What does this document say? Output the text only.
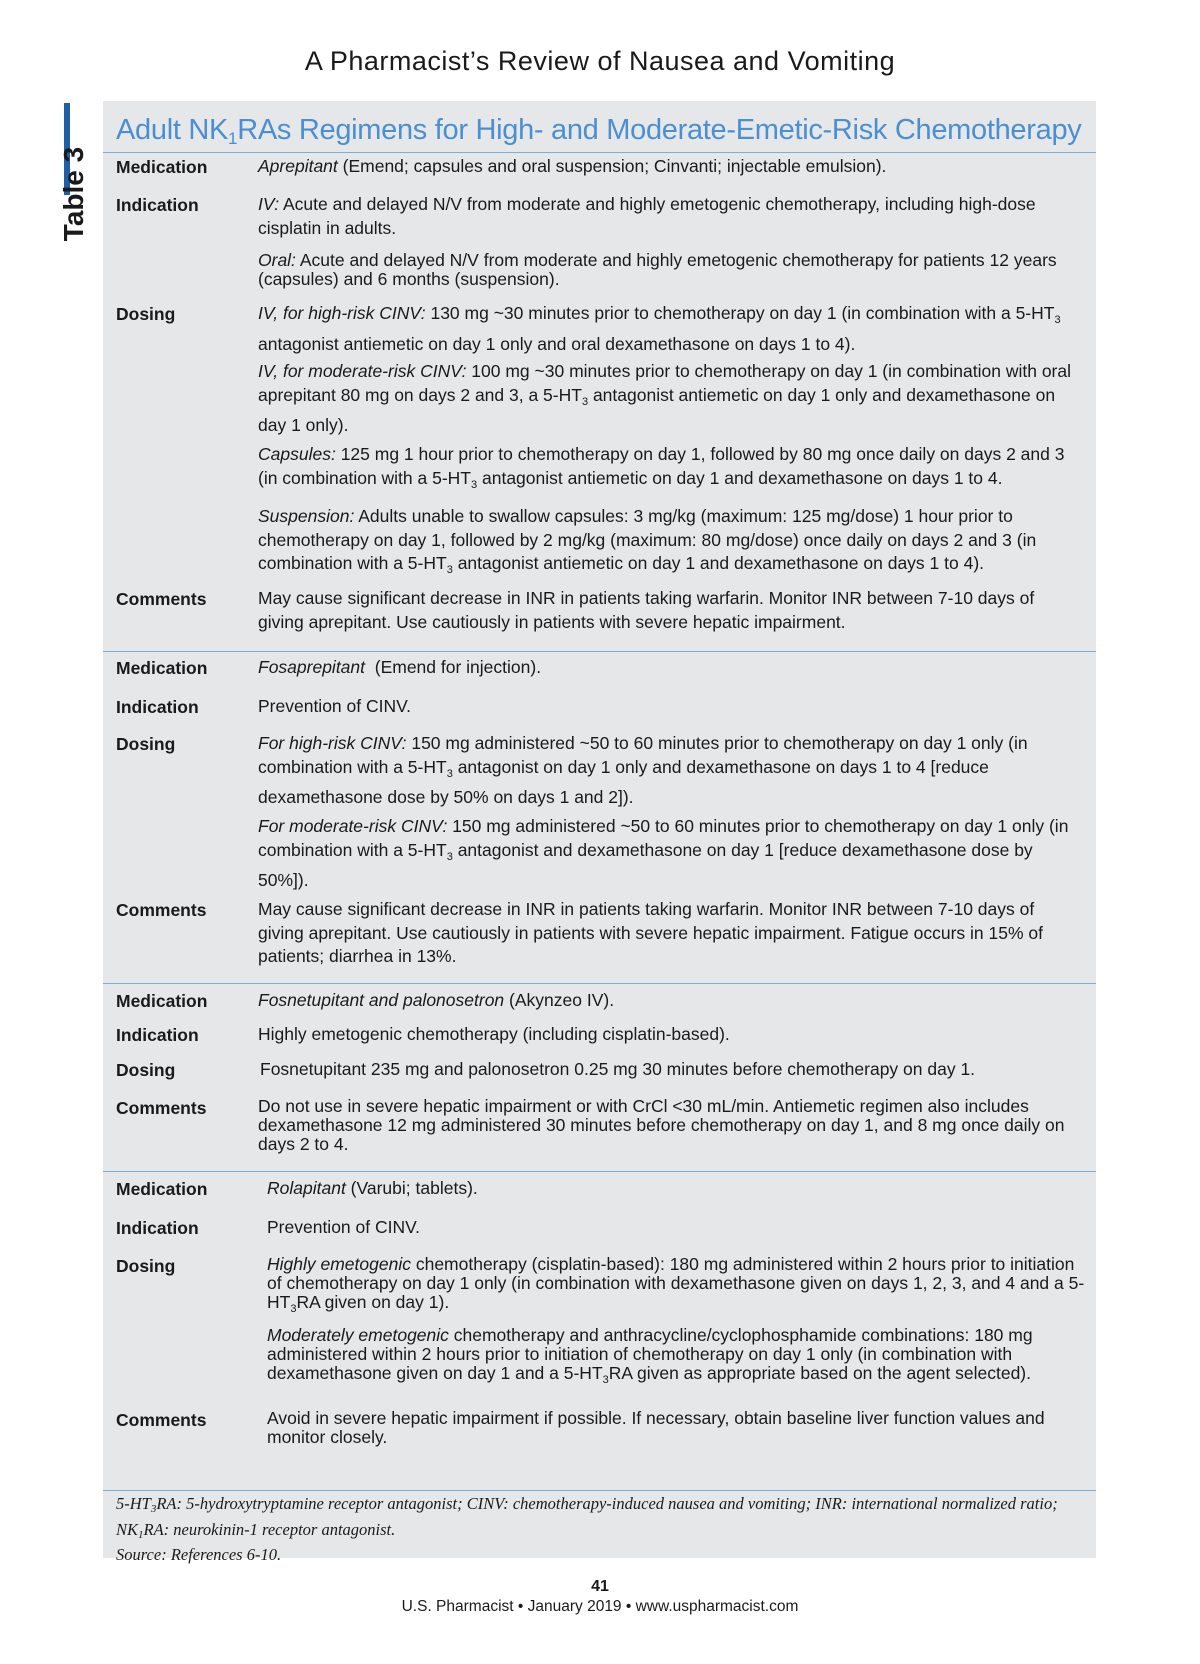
A Pharmacist’s Review of Nausea and Vomiting
Table 3
Adult $NK_1RAs$ Regimens for High- and Moderate-Emetic-Risk Chemotherapy
Medication	Aprepitant (Emend; capsules and oral suspension; Cinvanti; injectable emulsion).
Indication	IV: Acute and delayed N/V from moderate and highly emetogenic chemotherapy, including high-dose cisplatin in adults.
Oral: Acute and delayed N/V from moderate and highly emetogenic chemotherapy for patients 12 years (capsules) and 6 months (suspension).
Dosing	IV, for high-risk CINV: 130 mg ~30 minutes prior to chemotherapy on day 1 (in combination with a $5-HT_3$ antagonist antiemetic on day 1 only and oral dexamethasone on days 1 to 4).
IV, for moderate-risk CINV: 100 mg ~30 minutes prior to chemotherapy on day 1 (in combination with oral aprepitant 80 mg on days 2 and 3, a $5-HT_3$ antagonist antiemetic on day 1 only and dexamethasone on day 1 only).
Capsules: 125 mg 1 hour prior to chemotherapy on day 1, followed by 80 mg once daily on days 2 and 3 (in combination with a $5-HT_3$ antagonist antiemetic on day 1 and dexamethasone on days 1 to 4.
Suspension: Adults unable to swallow capsules: 3 mg/kg (maximum: 125 mg/dose) 1 hour prior to chemotherapy on day 1, followed by 2 mg/kg (maximum: 80 mg/dose) once daily on days 2 and 3 (in combination with a $5-HT_3$ antagonist antiemetic on day 1 and dexamethasone on days 1 to 4).
Comments	May cause significant decrease in INR in patients taking warfarin. Monitor INR between 7-10 days of giving aprepitant. Use cautiously in patients with severe hepatic impairment.
Medication	Fosaprepitant  (Emend for injection).
Indication	Prevention of CINV.
Dosing	For high-risk CINV: 150 mg administered ~50 to 60 minutes prior to chemotherapy on day 1 only (in combination with a $5-HT_3$ antagonist on day 1 only and dexamethasone on days 1 to 4 [reduce dexamethasone dose by 50% on days 1 and 2]).
For moderate-risk CINV: 150 mg administered ~50 to 60 minutes prior to chemotherapy on day 1 only (in combination with a $5-HT_3$ antagonist and dexamethasone on day 1 [reduce dexamethasone dose by 50%]).
Comments	May cause significant decrease in INR in patients taking warfarin. Monitor INR between 7-10 days of giving aprepitant. Use cautiously in patients with severe hepatic impairment. Fatigue occurs in 15% of patients; diarrhea in 13%.
Medication	Fosnetupitant and palonosetron (Akynzeo IV).
Indication	Highly emetogenic chemotherapy (including cisplatin-based).
Dosing	Fosnetupitant 235 mg and palonosetron 0.25 mg 30 minutes before chemotherapy on day 1.
Comments	Do not use in severe hepatic impairment or with CrCl <30 mL/min. Antiemetic regimen also includes dexamethasone 12 mg administered 30 minutes before chemotherapy on day 1, and 8 mg once daily on days 2 to 4.
Medication	Rolapitant (Varubi; tablets).
Indication	Prevention of CINV.
Dosing	Highly emetogenic chemotherapy (cisplatin-based): 180 mg administered within 2 hours prior to initiation of chemotherapy on day 1 only (in combination with dexamethasone given on days 1, 2, 3, and 4 and a $5-HT_3RA$ given on day 1).
Moderately emetogenic chemotherapy and anthracycline/cyclophosphamide combinations: 180 mg administered within 2 hours prior to initiation of chemotherapy on day 1 only (in combination with dexamethasone given on day 1 and a $5-HT_3RA$ given as appropriate based on the agent selected).
Comments	Avoid in severe hepatic impairment if possible. If necessary, obtain baseline liver function values and monitor closely.
$5-HT_3RA$: 5-hydroxytryptamine receptor antagonist; CINV: chemotherapy-induced nausea and vomiting; INR: international normalized ratio; $NK_1RA$: neurokinin-1 receptor antagonist.
Source: References 6-10.
41
U.S. Pharmacist • January 2019 • www.uspharmacist.com
